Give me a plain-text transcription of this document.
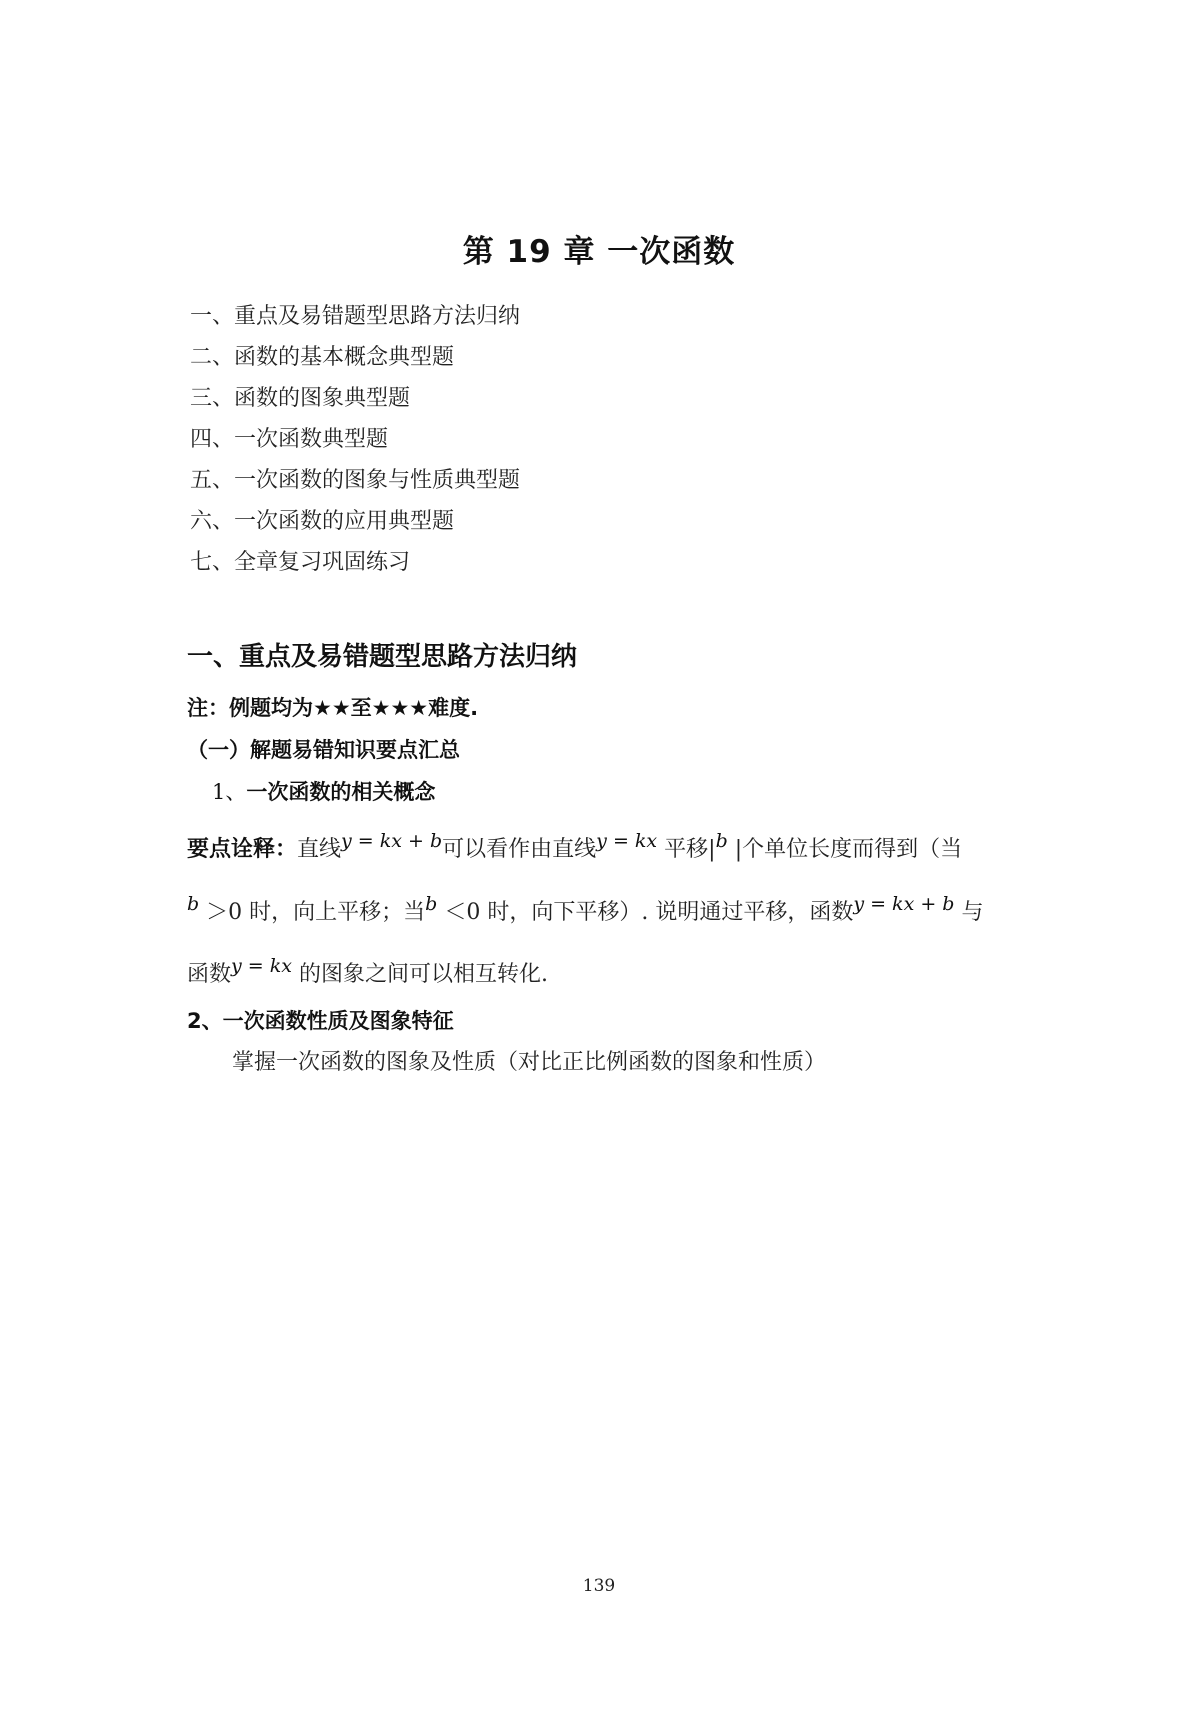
第 19 章 一次函数
一、重点及易错题型思路方法归纳
二、函数的基本概念典型题
三、函数的图象典型题
四、一次函数典型题
五、一次函数的图象与性质典型题
六、一次函数的应用典型题
七、全章复习巩固练习
一、重点及易错题型思路方法归纳
注：例题均为★★至★★★难度.
（一）解题易错知识要点汇总
1、一次函数的相关概念
要点诠释：直线y = kx + b可以看作由直线y = kx 平移|b |个单位长度而得到（当
b ＞0 时，向上平移；当b ＜0 时，向下平移）. 说明通过平移，函数y = kx + b 与
函数y = kx 的图象之间可以相互转化.
2、一次函数性质及图象特征
掌握一次函数的图象及性质（对比正比例函数的图象和性质）
139
